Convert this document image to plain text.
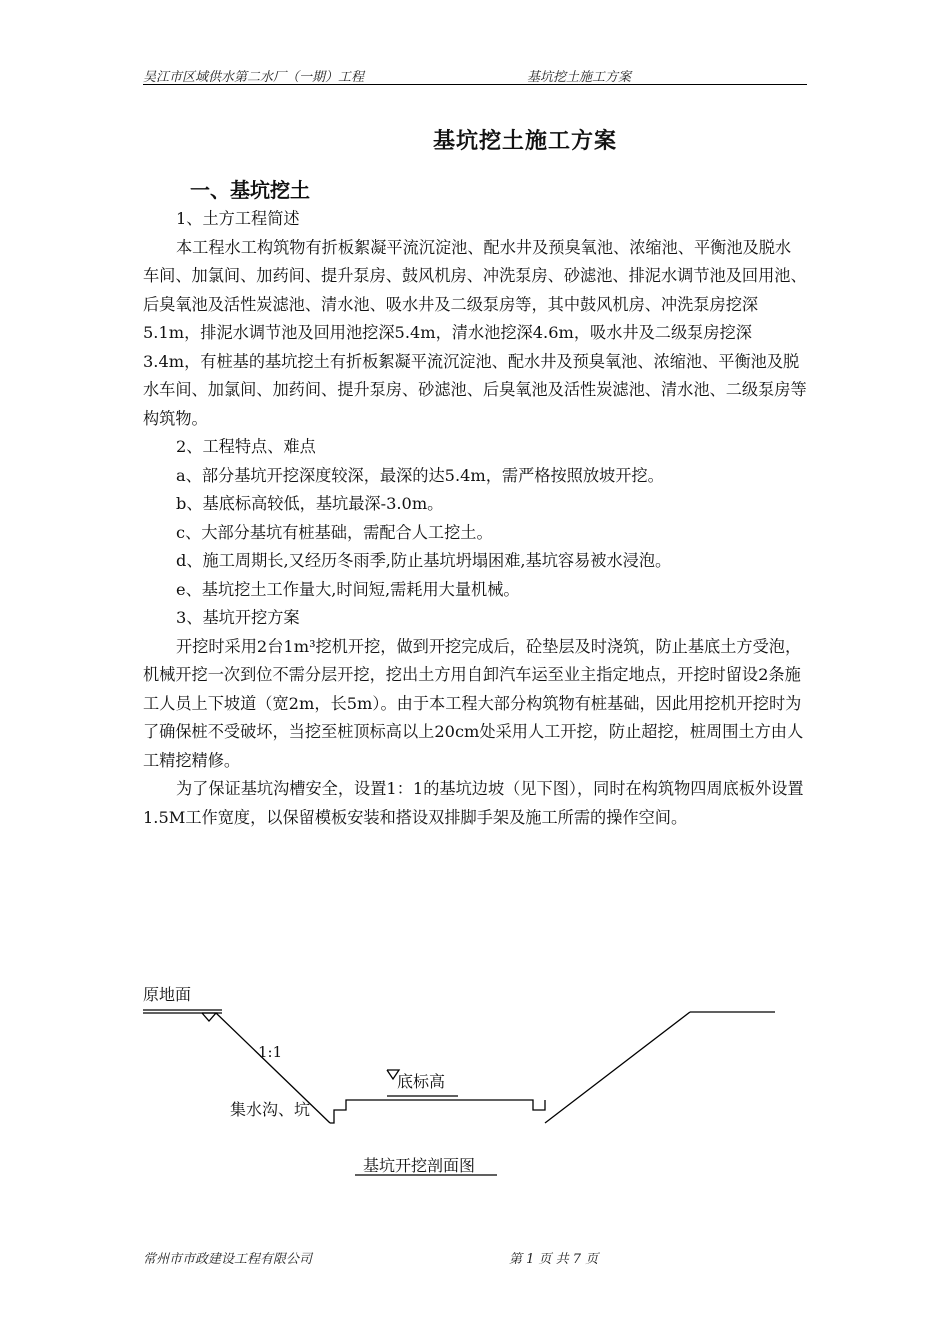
吴江市区域供水第二水厂（一期）工程	基坑挖土施工方案
基坑挖土施工方案
一、基坑挖土

1、土方工程简述

本工程水工构筑物有折板絮凝平流沉淀池、配水井及预臭氧池、浓缩池、平衡池及脱水车间、加氯间、加药间、提升泵房、鼓风机房、冲洗泵房、砂滤池、排泥水调节池及回用池、后臭氧池及活性炭滤池、清水池、吸水井及二级泵房等，其中鼓风机房、冲洗泵房挖深5.1m，排泥水调节池及回用池挖深5.4m，清水池挖深4.6m，吸水井及二级泵房挖深3.4m，有桩基的基坑挖土有折板絮凝平流沉淀池、配水井及预臭氧池、浓缩池、平衡池及脱水车间、加氯间、加药间、提升泵房、砂滤池、后臭氧池及活性炭滤池、清水池、二级泵房等构筑物。

2、工程特点、难点

a、部分基坑开挖深度较深，最深的达5.4m，需严格按照放坡开挖。

b、基底标高较低，基坑最深-3.0m。

c、大部分基坑有桩基础，需配合人工挖土。

d、施工周期长,又经历冬雨季,防止基坑坍塌困难,基坑容易被水浸泡。

e、基坑挖土工作量大,时间短,需耗用大量机械。

3、基坑开挖方案

开挖时采用2台1m³挖机开挖，做到开挖完成后，砼垫层及时浇筑，防止基底土方受泡，机械开挖一次到位不需分层开挖，挖出土方用自卸汽车运至业主指定地点，开挖时留设2条施工人员上下坡道（宽2m，长5m）。由于本工程大部分构筑物有桩基础，因此用挖机开挖时为了确保桩不受破坏，当挖至桩顶标高以上20cm处采用人工开挖，防止超挖，桩周围土方由人工精挖精修。

为了保证基坑沟槽安全，设置1：1的基坑边坡（见下图），同时在构筑物四周底板外设置1.5M工作宽度，以保留模板安装和搭设双排脚手架及施工所需的操作空间。

原地面
1:1
底标高
集水沟、坑
基坑开挖剖面图
常州市市政建设工程有限公司	第 1 页 共 7 页
